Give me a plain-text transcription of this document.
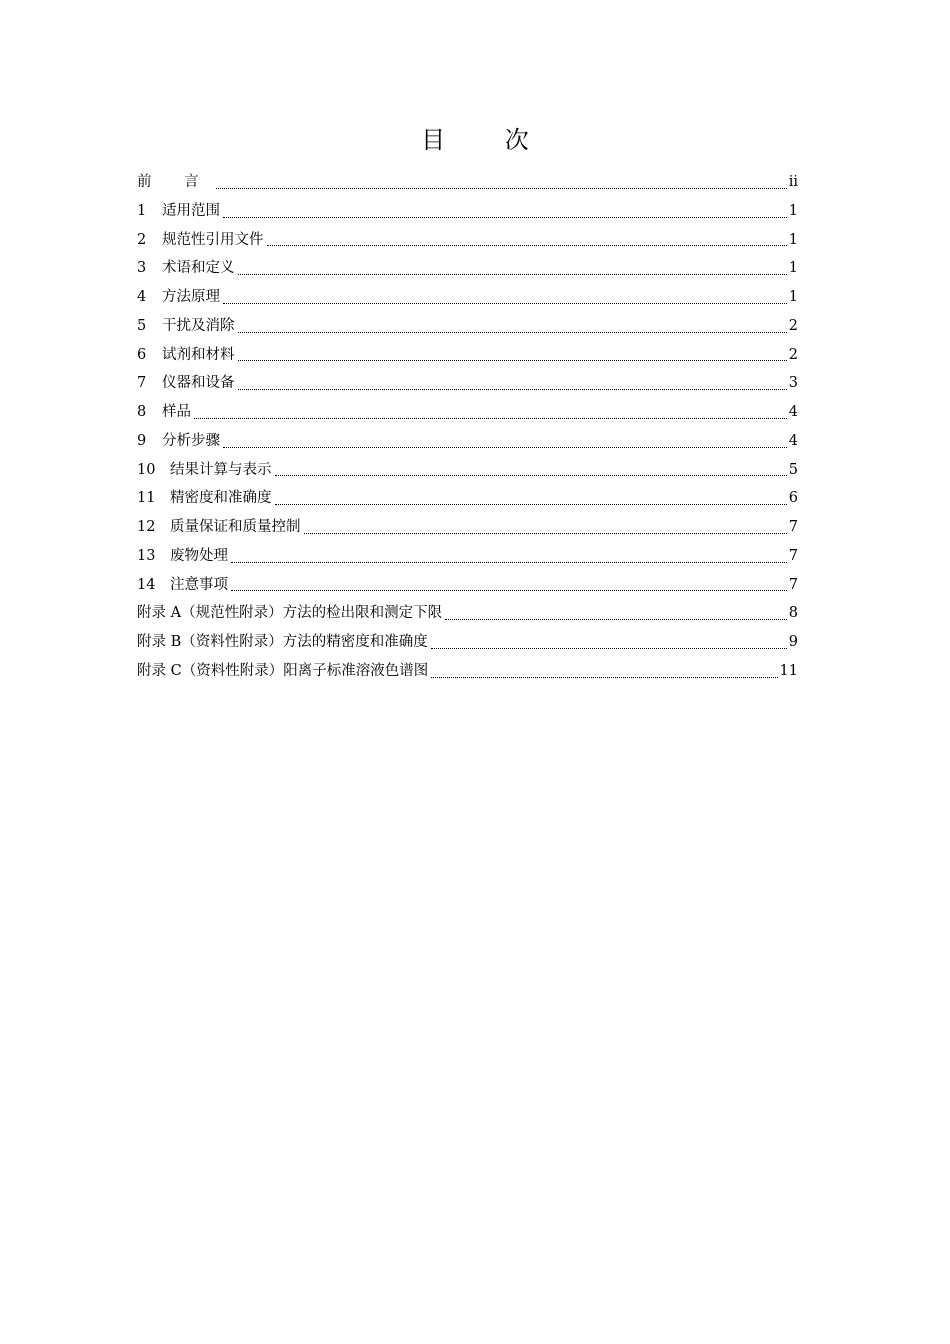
目 次
前 言	ii
1	适用范围	1
2	规范性引用文件	1
3	术语和定义	1
4	方法原理	1
5	干扰及消除	2
6	试剂和材料	2
7	仪器和设备	3
8	样品	4
9	分析步骤	4
10	结果计算与表示	5
11	精密度和准确度	6
12	质量保证和质量控制	7
13	废物处理	7
14	注意事项	7
附录 A（规范性附录）方法的检出限和测定下限	8
附录 B（资料性附录）方法的精密度和准确度	9
附录 C（资料性附录）阳离子标准溶液色谱图	11
